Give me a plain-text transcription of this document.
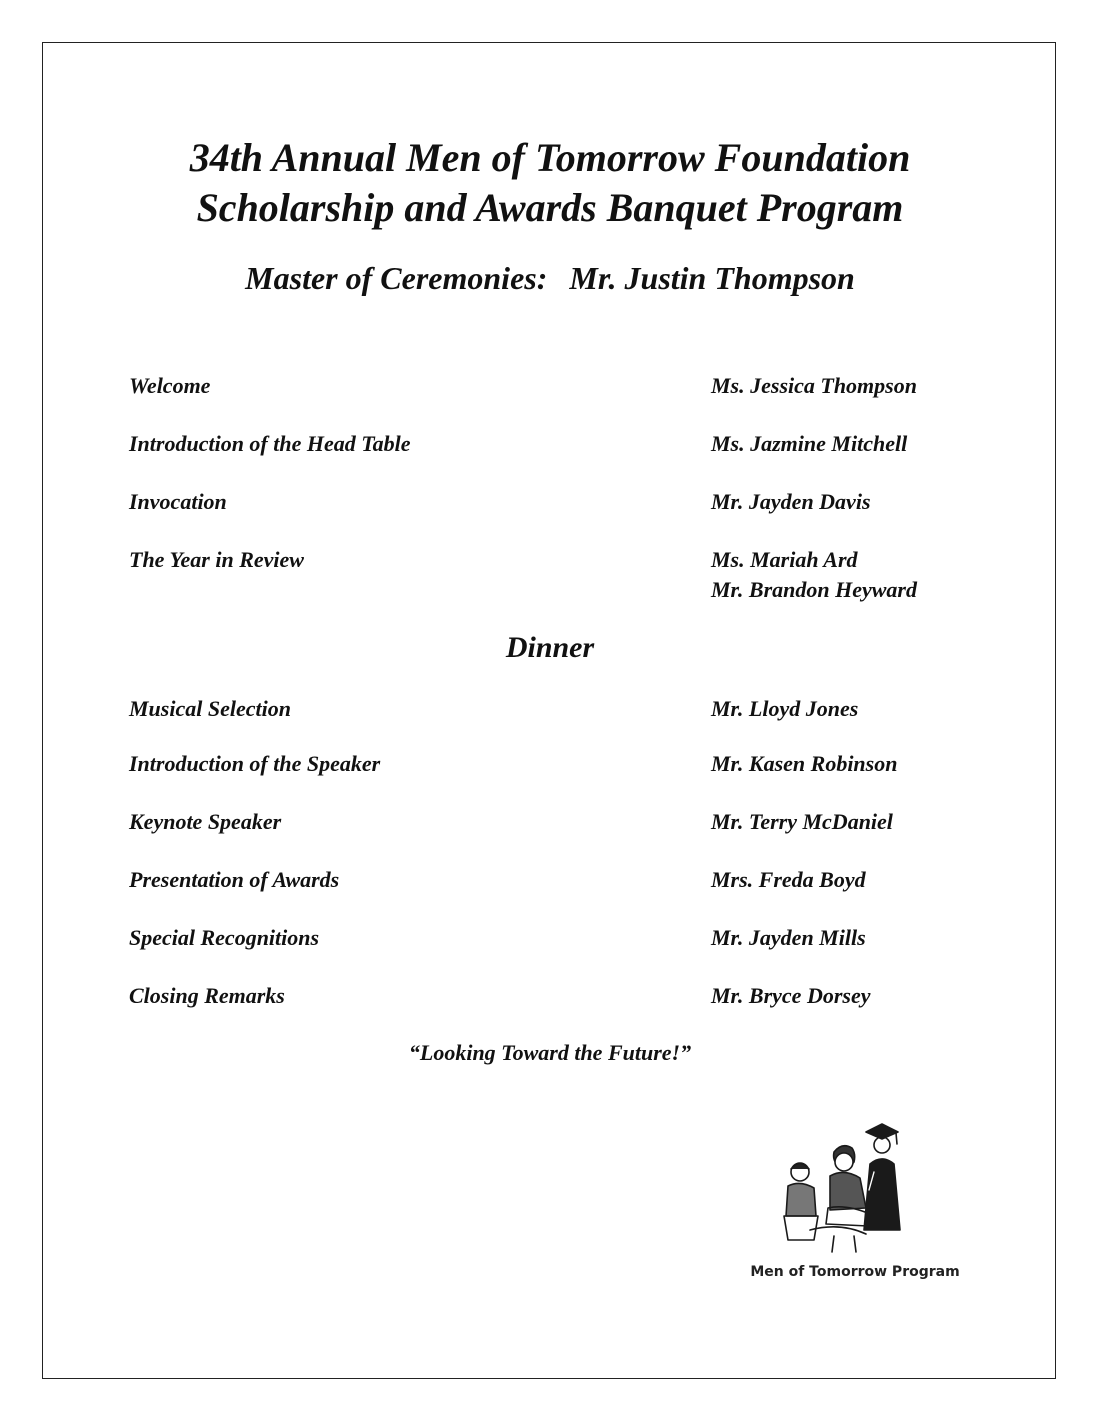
34th Annual Men of Tomorrow Foundation
Scholarship and Awards Banquet Program
Master of Ceremonies: Mr. Justin Thompson
Welcome	Ms. Jessica Thompson
Introduction of the Head Table	Ms. Jazmine Mitchell
Invocation	Mr. Jayden Davis
The Year in Review	Ms. Mariah Ard
Mr. Brandon Heyward
Dinner
Musical Selection	Mr. Lloyd Jones
Introduction of the Speaker	Mr. Kasen Robinson
Keynote Speaker	Mr. Terry McDaniel
Presentation of Awards	Mrs. Freda Boyd
Special Recognitions	Mr. Jayden Mills
Closing Remarks	Mr. Bryce Dorsey
“Looking Toward the Future!”
Men of Tomorrow Program
